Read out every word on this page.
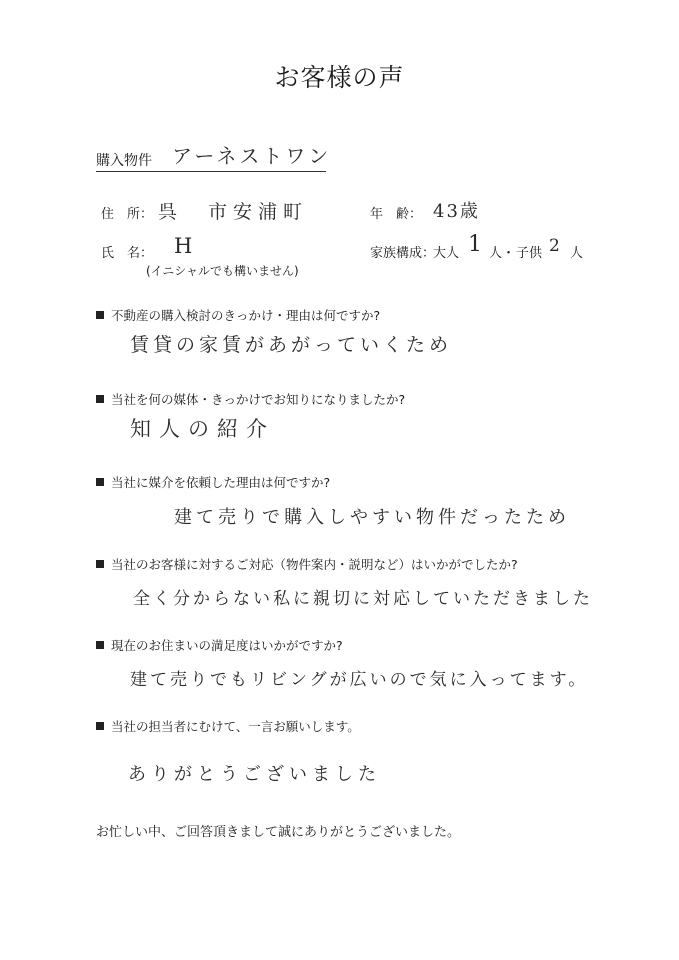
お客様の声
購入物件 アーネストワン
住　所： 呉　市安浦町	年　齢： 43歳
氏　名： H
(イニシャルでも構いません)
家族構成：
大人 1 人・ 子供 2 人
不動産の購入検討のきっかけ・理由は何ですか?
賃貸の家賃があがっていくため
当社を何の媒体・きっかけでお知りになりましたか?
知人の紹介
当社に媒介を依頼した理由は何ですか?
建て売りで購入しやすい物件だったため
当社のお客様に対するご対応（物件案内・説明など）はいかがでしたか?
全く分からない私に親切に対応していただきました
現在のお住まいの満足度はいかがですか?
建て売りでもリビングが広いので気に入ってます。
当社の担当者にむけて、一言お願いします。
ありがとうございました
お忙しい中、ご回答頂きまして誠にありがとうございました。
